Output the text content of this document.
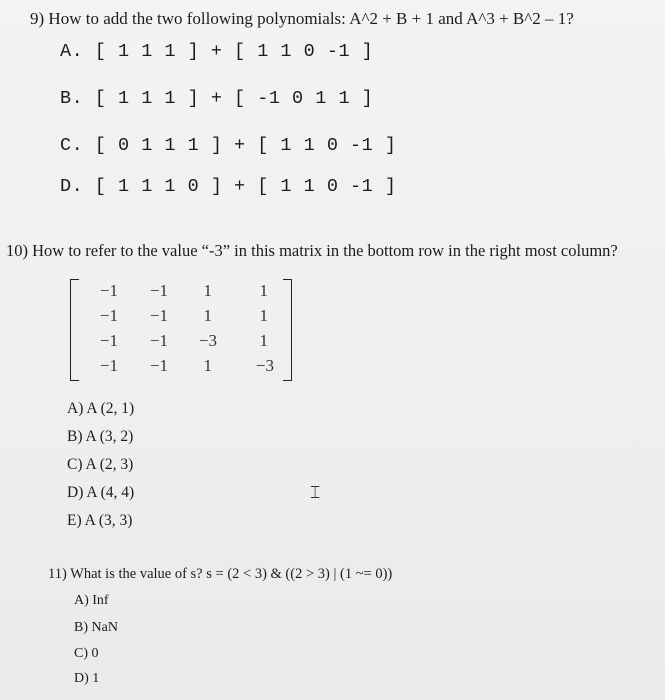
9) How to add the two following polynomials: A^2 + B + 1 and A^3 + B^2 – 1?
A. [ 1 1 1 ] + [ 1 1 0 -1 ]
B. [ 1 1 1 ] + [ -1 0 1 1 ]
C. [ 0 1 1 1 ] + [ 1 1 0 -1 ]
D. [ 1 1 1 0 ] + [ 1 1 0 -1 ]
10) How to refer to the value “-3” in this matrix in the bottom row in the right most column?
−1	−1	1	1
−1	−1	1	1
−1	−1	−3	1
−1	−1	1	−3
A) A (2, 1)
B) A (3, 2)
C) A (2, 3)
D) A (4, 4)
E) A (3, 3)
⌶
11) What is the value of s? s = (2 < 3) & ((2 > 3) | (1 ~= 0))
A) Inf
B) NaN
C) 0
D) 1
